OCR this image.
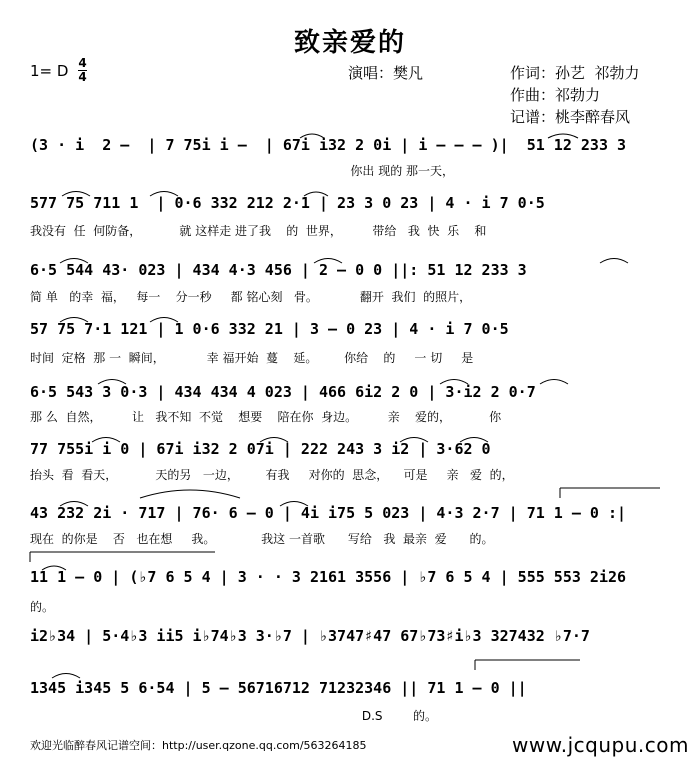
致亲爱的
1= D 4
4	演唱：樊凡	作词：孙艺  祁勃力
作曲：祁勃力
记谱：桃李醉春风
(3 · i  2 –  | 7 75i i –  | 67i i32 2 0i | i – – – )|  51 12 233 3
你出 现的 那一天，
577 75 711 1  | 0·6 332 212 2·1 | 23 3 0 23 | 4 · i 7 0·5
我没有  任  何防备，          就 这样走 进了我    的  世界，        带给   我  快  乐    和
6·5 544 43· 023 | 434 4·3 456 | 2 – 0 0 ||: 51 12 233 3
简 单   的幸  福，   每一    分一秒     都 铭心刻   骨。           翻开  我们  的照片，
57 75 7·1 121 | 1 0·6 332 21 | 3 – 0 23 | 4 · i 7 0·5
时间  定格  那 一  瞬间，           幸 福开始  蔓    延。       你给    的     一 切     是
6·5 543 3 0·3 | 434 434 4 023 | 466 6i2 2 0 | 3·i2 2 0·7
那 么  自然，        让   我不知  不觉    想要    陪在你  身边。        亲    爱的，          你
77 755i i 0 | 67i i32 2 07i | 222 243 3 i2 | 3·62 0
抬头  看  看天，          天的另   一边，       有我     对你的  思念，    可是     亲   爱  的，
43 232 2i · 717 | 76· 6 – 0 | 4i i75 5 023 | 4·3 2·7 | 71 1 – 0 :|
现在  的你是    否   也在想     我。            我这 一首歌      写给   我  最亲  爱      的。
11 1 – 0 | (♭7 6 5 4 | 3 · · 3 2161 3556 | ♭7 6 5 4 | 555 553 2i26
的。
i2♭34 | 5·4♭3 ii5 i♭74♭3 3·♭7 | ♭3747♯47 67♭73♯i♭3 327432 ♭7·7
1345 i345 5 6·54 | 5 – 56716712 71232346 || 71 1 – 0 ||
D.S        的。
欢迎光临醉春风记谱空间：http://user.qzone.qq.com/563264185	www.jcqupu.com
